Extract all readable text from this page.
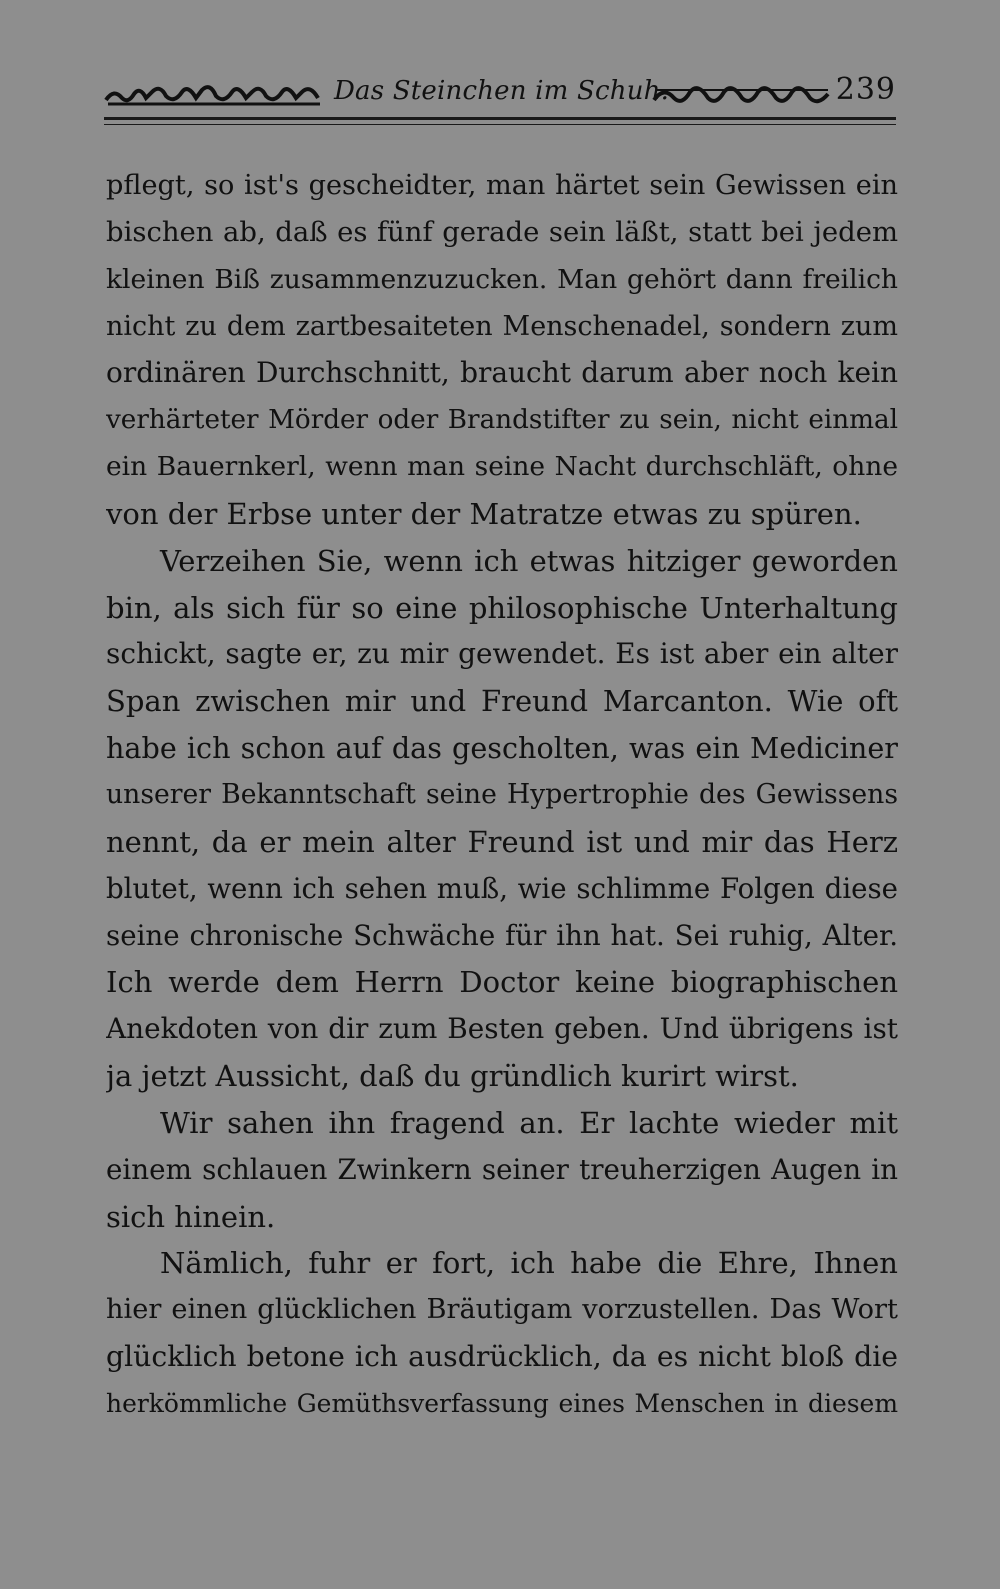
Das Steinchen im Schuh.	239
pflegt, so ist's gescheidter, man härtet sein Gewissen ein
bischen ab, daß es fünf gerade sein läßt, statt bei jedem
kleinen Biß zusammenzuzucken. Man gehört dann freilich
nicht zu dem zartbesaiteten Menschenadel, sondern zum
ordinären Durchschnitt, braucht darum aber noch kein
verhärteter Mörder oder Brandstifter zu sein, nicht einmal
ein Bauernkerl, wenn man seine Nacht durchschläft, ohne
von der Erbse unter der Matratze etwas zu spüren.
Verzeihen Sie, wenn ich etwas hitziger geworden
bin, als sich für so eine philosophische Unterhaltung
schickt, sagte er, zu mir gewendet. Es ist aber ein alter
Span zwischen mir und Freund Marcanton. Wie oft
habe ich schon auf das gescholten, was ein Mediciner
unserer Bekanntschaft seine Hypertrophie des Gewissens
nennt, da er mein alter Freund ist und mir das Herz
blutet, wenn ich sehen muß, wie schlimme Folgen diese
seine chronische Schwäche für ihn hat. Sei ruhig, Alter.
Ich werde dem Herrn Doctor keine biographischen
Anekdoten von dir zum Besten geben. Und übrigens ist
ja jetzt Aussicht, daß du gründlich kurirt wirst.
Wir sahen ihn fragend an. Er lachte wieder mit
einem schlauen Zwinkern seiner treuherzigen Augen in
sich hinein.
Nämlich, fuhr er fort, ich habe die Ehre, Ihnen
hier einen glücklichen Bräutigam vorzustellen. Das Wort
glücklich betone ich ausdrücklich, da es nicht bloß die
herkömmliche Gemüthsverfassung eines Menschen in diesem
